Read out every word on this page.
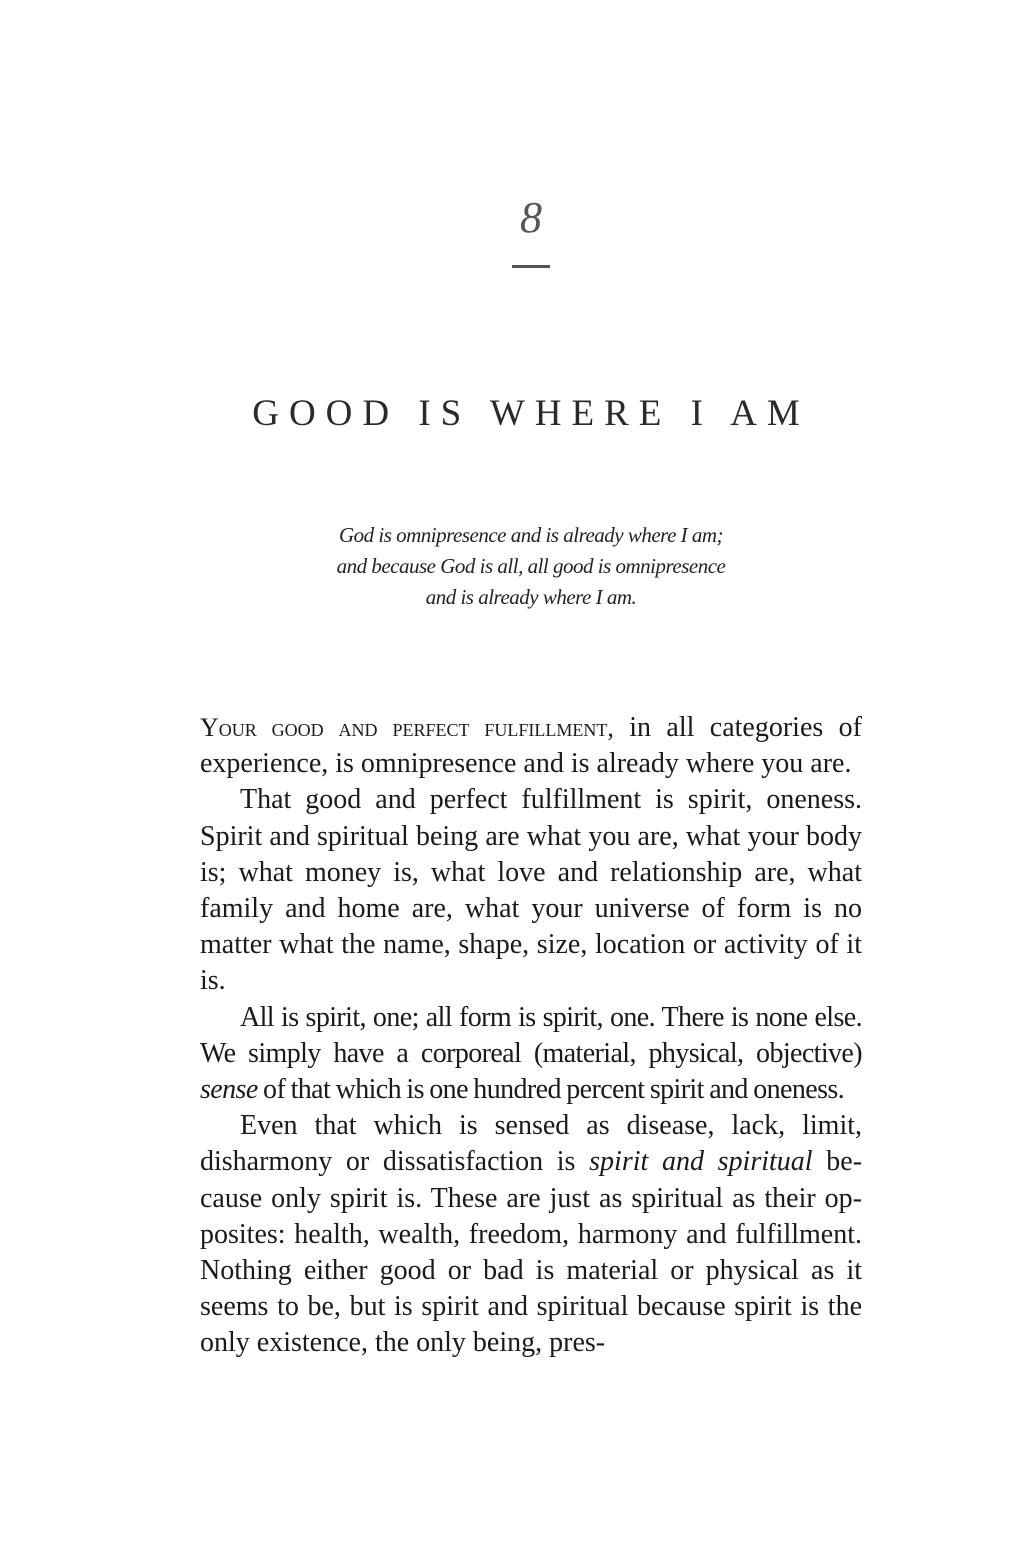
8
GOOD IS WHERE I AM
God is omnipresence and is already where I am;
and because God is all, all good is omnipresence
and is already where I am.

Your good and perfect fulfillment, in all categories of experience, is omnipresence and is already where you are.

That good and perfect fulfillment is spirit, oneness. Spirit and spiritual being are what you are, what your body is; what money is, what love and relationship are, what family and home are, what your universe of form is no matter what the name, shape, size, location or activity of it is.

All is spirit, one; all form is spirit, one. There is none else. We simply have a corporeal (material, physical, objective) sense of that which is one hundred percent spirit and oneness.

Even that which is sensed as disease, lack, limit, disharmony or dissatisfaction is spirit and spiritual because only spirit is. These are just as spiritual as their opposites: health, wealth, freedom, harmony and fulfillment. Nothing either good or bad is material or physical as it seems to be, but is spirit and spiritual because spirit is the only existence, the only being, pres-
